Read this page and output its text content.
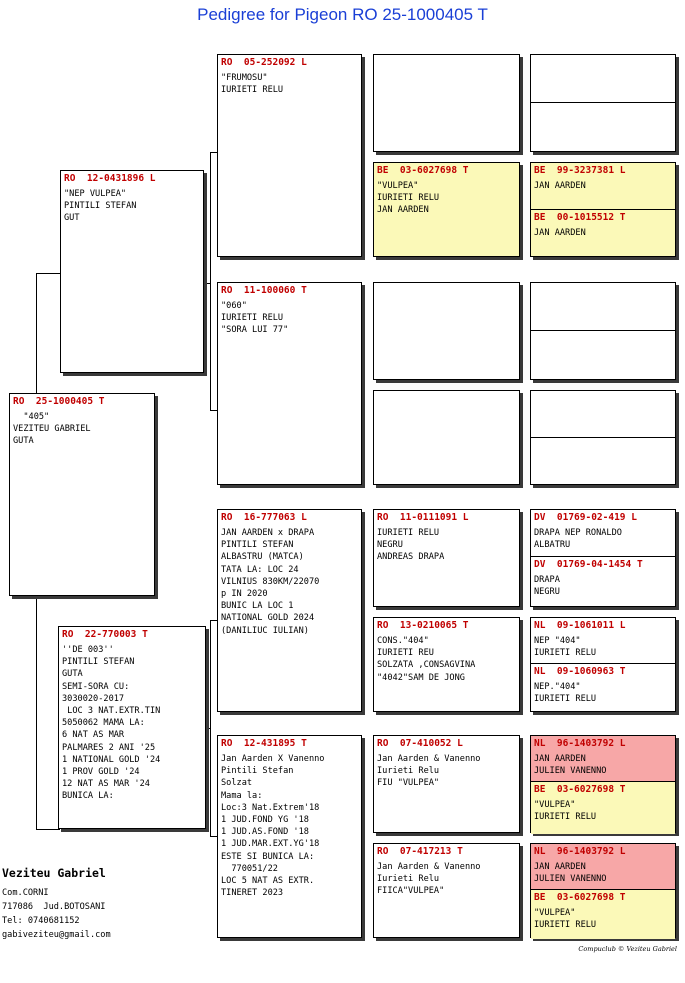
Pedigree for Pigeon RO 25-1000405 T
RO  25-1000405 T
"405"
VEZITEU GABRIEL
GUTA
RO  12-0431896 L
"NEP VULPEA"
PINTILI STEFAN
GUT
RO  22-770003 T
''DE 003''
PINTILI STEFAN
GUTA
SEMI-SORA CU:
3030020-2017
LOC 3 NAT.EXTR.TIN
5050062 MAMA LA:
6 NAT AS MAR
PALMARES 2 ANI '25
1 NATIONAL GOLD '24
1 PROV GOLD '24
12 NAT AS MAR '24
BUNICA LA:
RO  05-252092 L
"FRUMOSU"
IURIETI RELU
RO  11-100060 T
"060"
IURIETI RELU
"SORA LUI 77"
RO  16-777063 L
JAN AARDEN x DRAPA
PINTILI STEFAN
ALBASTRU (MATCA)
TATA LA: LOC 24
VILNIUS 830KM/22070
p IN 2020
BUNIC LA LOC 1
NATIONAL GOLD 2024
(DANILIUC IULIAN)
RO  12-431895 T
Jan Aarden X Vanenno
Pintili Stefan
Solzat
Mama la:
Loc:3 Nat.Extrem'18
1 JUD.FOND YG '18
1 JUD.AS.FOND '18
1 JUD.MAR.EXT.YG'18
ESTE SI BUNICA LA:
770051/22
LOC 5 NAT AS EXTR.
TINERET 2023
BE  03-6027698 T
"VULPEA"
IURIETI RELU
JAN AARDEN
RO  11-0111091 L
IURIETI RELU
NEGRU
ANDREAS DRAPA
RO  13-0210065 T
CONS."404"
IURIETI REU
SOLZATA ,CONSAGVINA
"4042"SAM DE JONG
RO  07-410052 L
Jan Aarden & Vanenno
Iurieti Relu
FIU "VULPEA"
RO  07-417213 T
Jan Aarden & Vanenno
Iurieti Relu
FIICA"VULPEA"
BE  99-3237381 L
JAN AARDEN
BE  00-1015512 T
JAN AARDEN
DV  01769-02-419 L
DRAPA NEP RONALDO
ALBATRU
DV  01769-04-1454 T
DRAPA
NEGRU
NL  09-1061011 L
NEP "404"
IURIETI RELU
NL  09-1060963 T
NEP."404"
IURIETI RELU
NL  96-1403792 L
JAN AARDEN
JULIEN VANENNO
BE  03-6027698 T
"VULPEA"
IURIETI RELU
NL  96-1403792 L
JAN AARDEN
JULIEN VANENNO
BE  03-6027698 T
"VULPEA"
IURIETI RELU
Veziteu Gabriel
Com.CORNI
717086  Jud.BOTOSANI
Tel: 0740681152
gabiveziteu@gmail.com
Compuclub © Veziteu Gabriel
